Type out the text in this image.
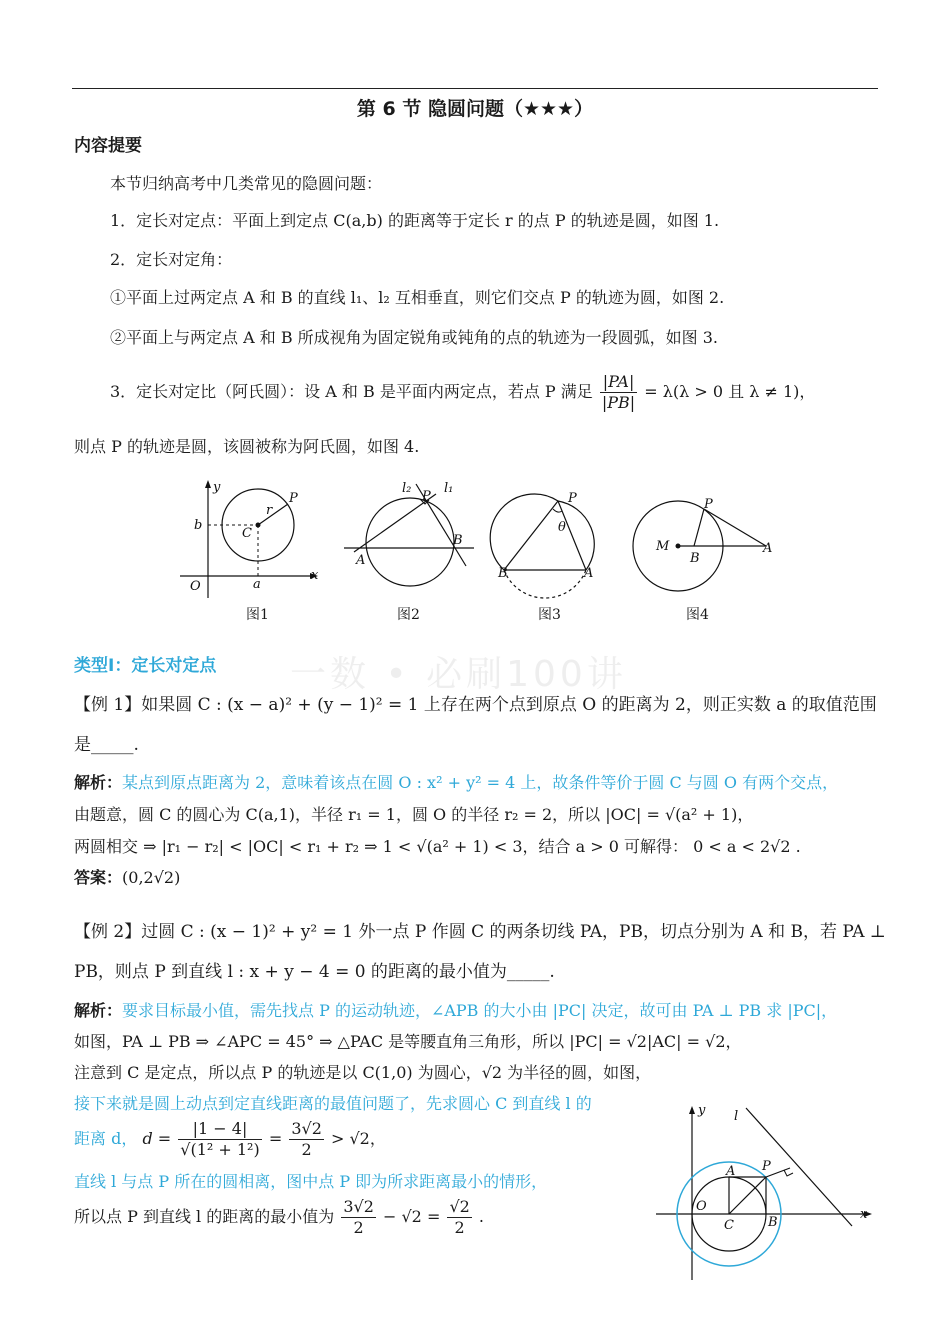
第 6 节 隐圆问题（★★★）
内容提要
本节归纳高考中几类常见的隐圆问题：
1．定长对定点：平面上到定点 C(a,b) 的距离等于定长 r 的点 P 的轨迹是圆，如图 1.
2．定长对定角：
①平面上过两定点 A 和 B 的直线 l₁、l₂ 互相垂直，则它们交点 P 的轨迹为圆，如图 2.
②平面上与两定点 A 和 B 所成视角为固定锐角或钝角的点的轨迹为一段圆弧，如图 3.
3．定长对定比（阿氏圆）：设 A 和 B 是平面内两定点，若点 P 满足 $\frac{|PA|}{|PB|} = \lambda(\lambda > 0$ 且 λ ≠ 1)，
则点 P 的轨迹是圆，该圆被称为阿氏圆，如图 4.
y
P
r
b
C
O	a
x
l₂
P
l₁
B
A
P
θ
B	A
P
M
B
A
图1	图2	图3	图4
一数 • 必刷100讲
类型Ⅰ：定长对定点
【例 1】如果圆 C : (x − a)² + (y − 1)² = 1 上存在两个点到原点 O 的距离为 2，则正实数 a 的取值范围
是_____.
解析：某点到原点距离为 2，意味着该点在圆 O : x² + y² = 4 上，故条件等价于圆 C 与圆 O 有两个交点，
由题意，圆 C 的圆心为 C(a,1)，半径 r₁ = 1，圆 O 的半径 r₂ = 2，所以 |OC| = √(a² + 1)，
两圆相交 ⇒ |r₁ − r₂| < |OC| < r₁ + r₂ ⇒ 1 < √(a² + 1) < 3，结合 a > 0 可解得： 0 < a < 2√2 .
答案：(0,2√2)
【例 2】过圆 C : (x − 1)² + y² = 1 外一点 P 作圆 C 的两条切线 PA，PB，切点分别为 A 和 B，若 PA ⊥
PB，则点 P 到直线 l : x + y − 4 = 0 的距离的最小值为_____.
解析：要求目标最小值，需先找点 P 的运动轨迹，∠APB 的大小由 |PC| 决定，故可由 PA ⊥ PB 求 |PC|，
如图，PA ⊥ PB ⇒ ∠APC = 45° ⇒ △PAC 是等腰直角三角形，所以 |PC| = √2|AC| = √2，
注意到 C 是定点，所以点 P 的轨迹是以 C(1,0) 为圆心，√2 为半径的圆，如图，
接下来就是圆上动点到定直线距离的最值问题了，先求圆心 C 到直线 l 的
距离 d， $d = \frac{|1 - 4|}{\text{√(1² + 1²)}} = \frac{3√2}{2} > √2$，
直线 l 与点 P 所在的圆相离，图中点 P 即为所求距离最小的情形，
所以点 P 到直线 l 的距离的最小值为 $\frac{3√2}{2} - √2 = \frac{√2}{2}$ .
y l
A P
O
C	B
x
